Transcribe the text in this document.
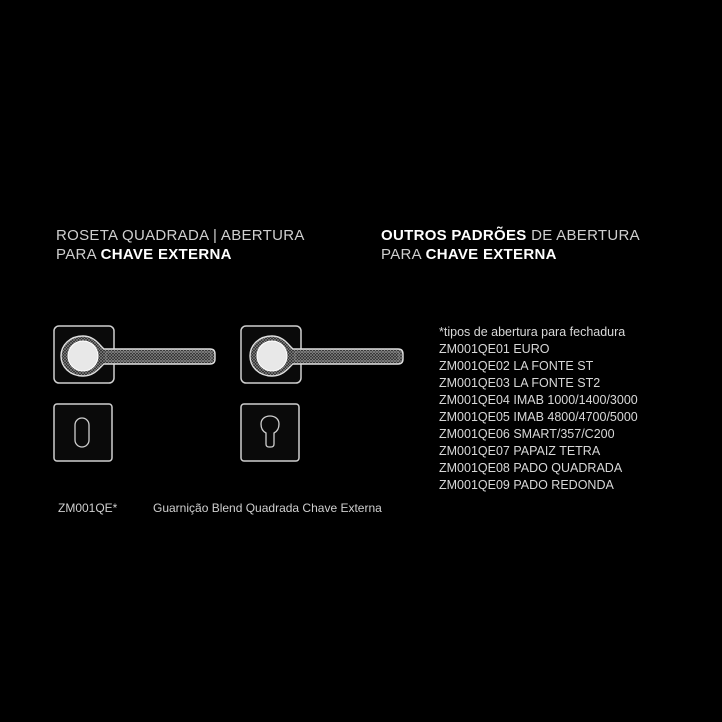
ROSETA QUADRADA | ABERTURA
PARA CHAVE EXTERNA
OUTROS PADRÕES DE ABERTURA
PARA CHAVE EXTERNA
*tipos de abertura para fechadura
ZM001QE01 EURO
ZM001QE02 LA FONTE ST
ZM001QE03 LA FONTE ST2
ZM001QE04 IMAB 1000/1400/3000
ZM001QE05 IMAB 4800/4700/5000
ZM001QE06 SMART/357/C200
ZM001QE07 PAPAIZ TETRA
ZM001QE08 PADO QUADRADA
ZM001QE09 PADO REDONDA
ZM001QE*	Guarnição Blend Quadrada Chave Externa
